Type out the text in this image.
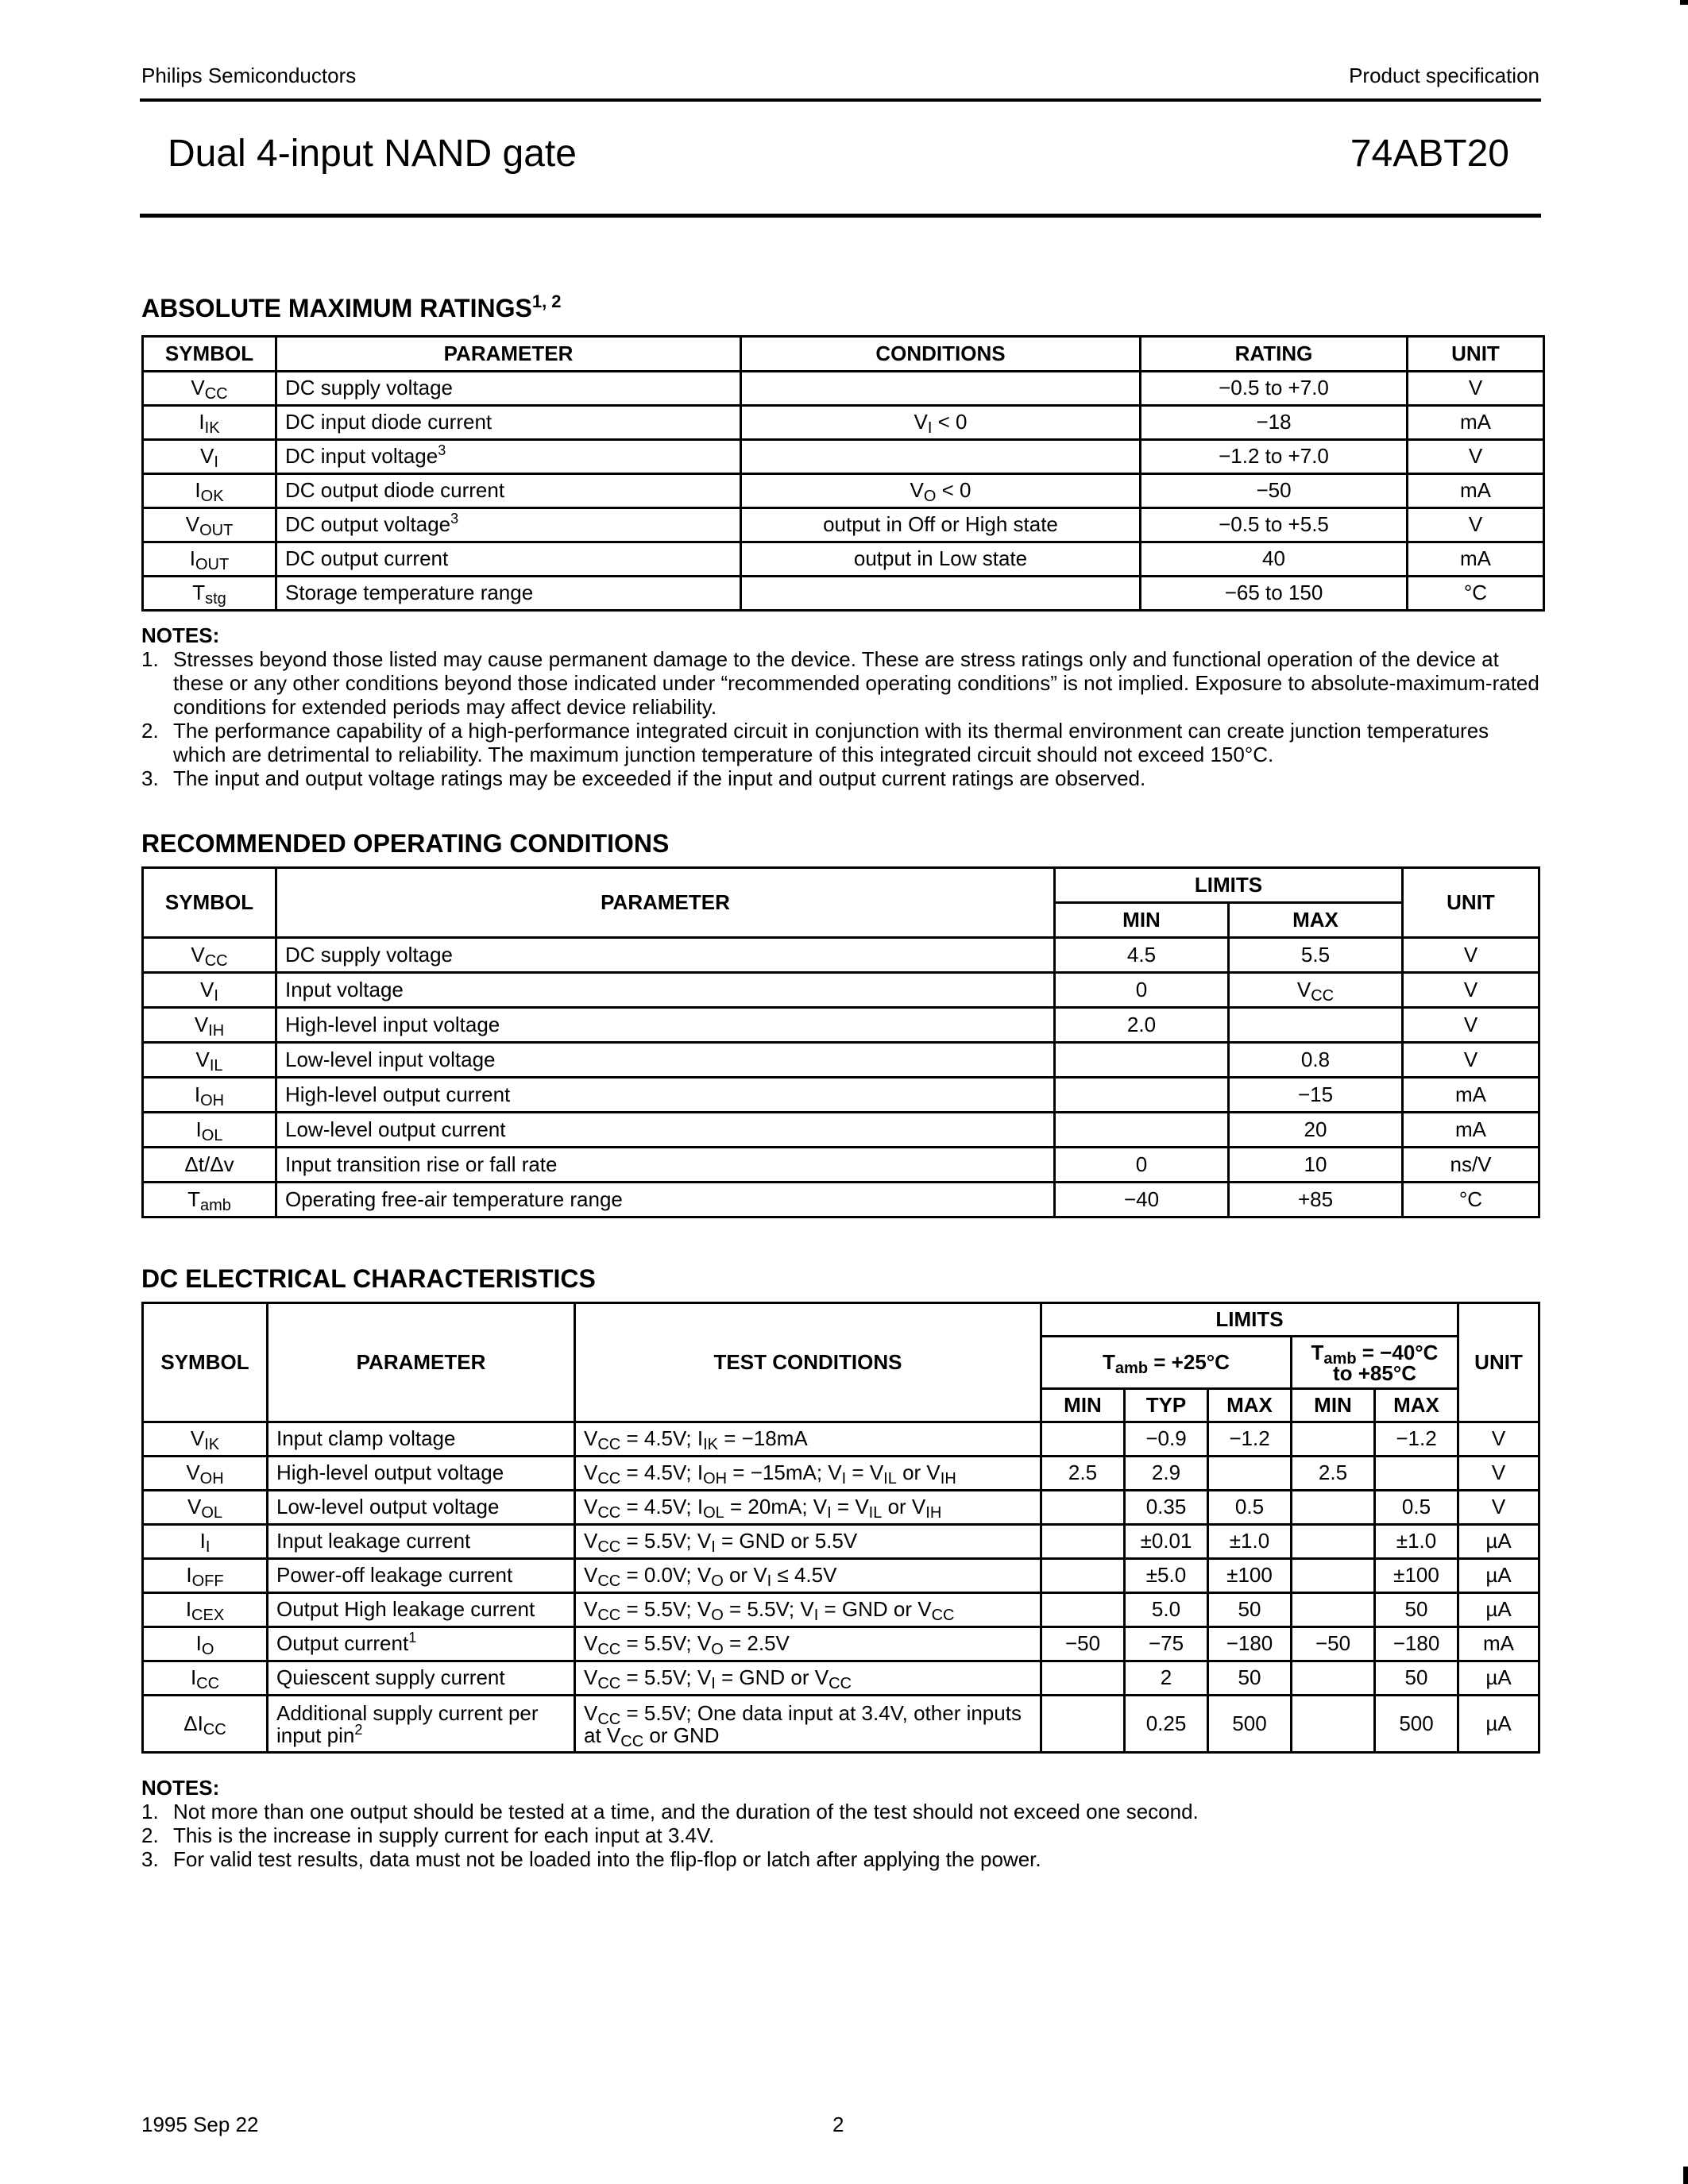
Philips Semiconductors	Product specification
Dual 4-input NAND gate	74ABT20
ABSOLUTE MAXIMUM RATINGS$^{1, 2}$
SYMBOL	PARAMETER	CONDITIONS	RATING	UNIT
$V_{CC}$	DC supply voltage		−0.5 to +7.0	V
$I_{IK}$	DC input diode current	$V_I < 0$	−18	mA
$V_I$	DC input voltage$^3$		−1.2 to +7.0	V
$I_{OK}$	DC output diode current	$V_O < 0$	−50	mA
$V_{OUT}$	DC output voltage$^3$	output in Off or High state	−0.5 to +5.5	V
$I_{OUT}$	DC output current	output in Low state	40	mA
$T_{stg}$	Storage temperature range		−65 to 150	°C
NOTES:
1. Stresses beyond those listed may cause permanent damage to the device. These are stress ratings only and functional operation of the device at these or any other conditions beyond those indicated under “recommended operating conditions” is not implied. Exposure to absolute-maximum-rated conditions for extended periods may affect device reliability.
2. The performance capability of a high-performance integrated circuit in conjunction with its thermal environment can create junction temperatures which are detrimental to reliability. The maximum junction temperature of this integrated circuit should not exceed 150°C.
3. The input and output voltage ratings may be exceeded if the input and output current ratings are observed.
RECOMMENDED OPERATING CONDITIONS
SYMBOL	PARAMETER	LIMITS		UNIT
		MIN	MAX	
$V_{CC}$	DC supply voltage	4.5	5.5	V
$V_I$	Input voltage	0	$V_{CC}$	V
$V_{IH}$	High-level input voltage	2.0		V
$V_{IL}$	Low-level input voltage		0.8	V
$I_{OH}$	High-level output current		−15	mA
$I_{OL}$	Low-level output current		20	mA
Δt/Δv	Input transition rise or fall rate	0	10	ns/V
$T_{amb}$	Operating free-air temperature range	−40	+85	°C
DC ELECTRICAL CHARACTERISTICS
SYMBOL	PARAMETER	TEST CONDITIONS	LIMITS					UNIT
			$T_{amb} = +25^\circ C$			$T_{amb} = -40^\circ C$
to +85°C		
			MIN	TYP	MAX	MIN	MAX	
$V_{IK}$	Input clamp voltage	$V_{CC} = 4.5V$; $I_{IK} = -18mA$		−0.9	−1.2		−1.2	V
$V_{OH}$	High-level output voltage	$V_{CC} = 4.5V$; $I_{OH} = -15mA$; $V_I = V_{IL}$ or $V_{IH}$	2.5	2.9		2.5		V
$V_{OL}$	Low-level output voltage	$V_{CC} = 4.5V$; $I_{OL} = 20mA$; $V_I = V_{IL}$ or $V_{IH}$		0.35	0.5		0.5	V
$I_I$	Input leakage current	$V_{CC} = 5.5V$; $V_I$ = GND or 5.5V		±0.01	±1.0		±1.0	µA
$I_{OFF}$	Power-off leakage current	$V_{CC} = 0.0V$; $V_O$ or $V_I \le 4.5V$		±5.0	±100		±100	µA
$I_{CEX}$	Output High leakage current	$V_{CC} = 5.5V$; $V_O = 5.5V$; $V_I$ = GND or $V_{CC}$		5.0	50		50	µA
$I_O$	Output current$^1$	$V_{CC} = 5.5V$; $V_O = 2.5V$	−50	−75	−180	−50	−180	mA
$I_{CC}$	Quiescent supply current	$V_{CC} = 5.5V$; $V_I$ = GND or $V_{CC}$		2	50		50	µA
$\Delta I_{CC}$	Additional supply current per input pin$^2$	$V_{CC} = 5.5V$; One data input at 3.4V, other inputs at $V_{CC}$ or GND		0.25	500		500	µA
NOTES:
1. Not more than one output should be tested at a time, and the duration of the test should not exceed one second.
2. This is the increase in supply current for each input at 3.4V.
3. For valid test results, data must not be loaded into the flip-flop or latch after applying the power.
1995 Sep 22	2
